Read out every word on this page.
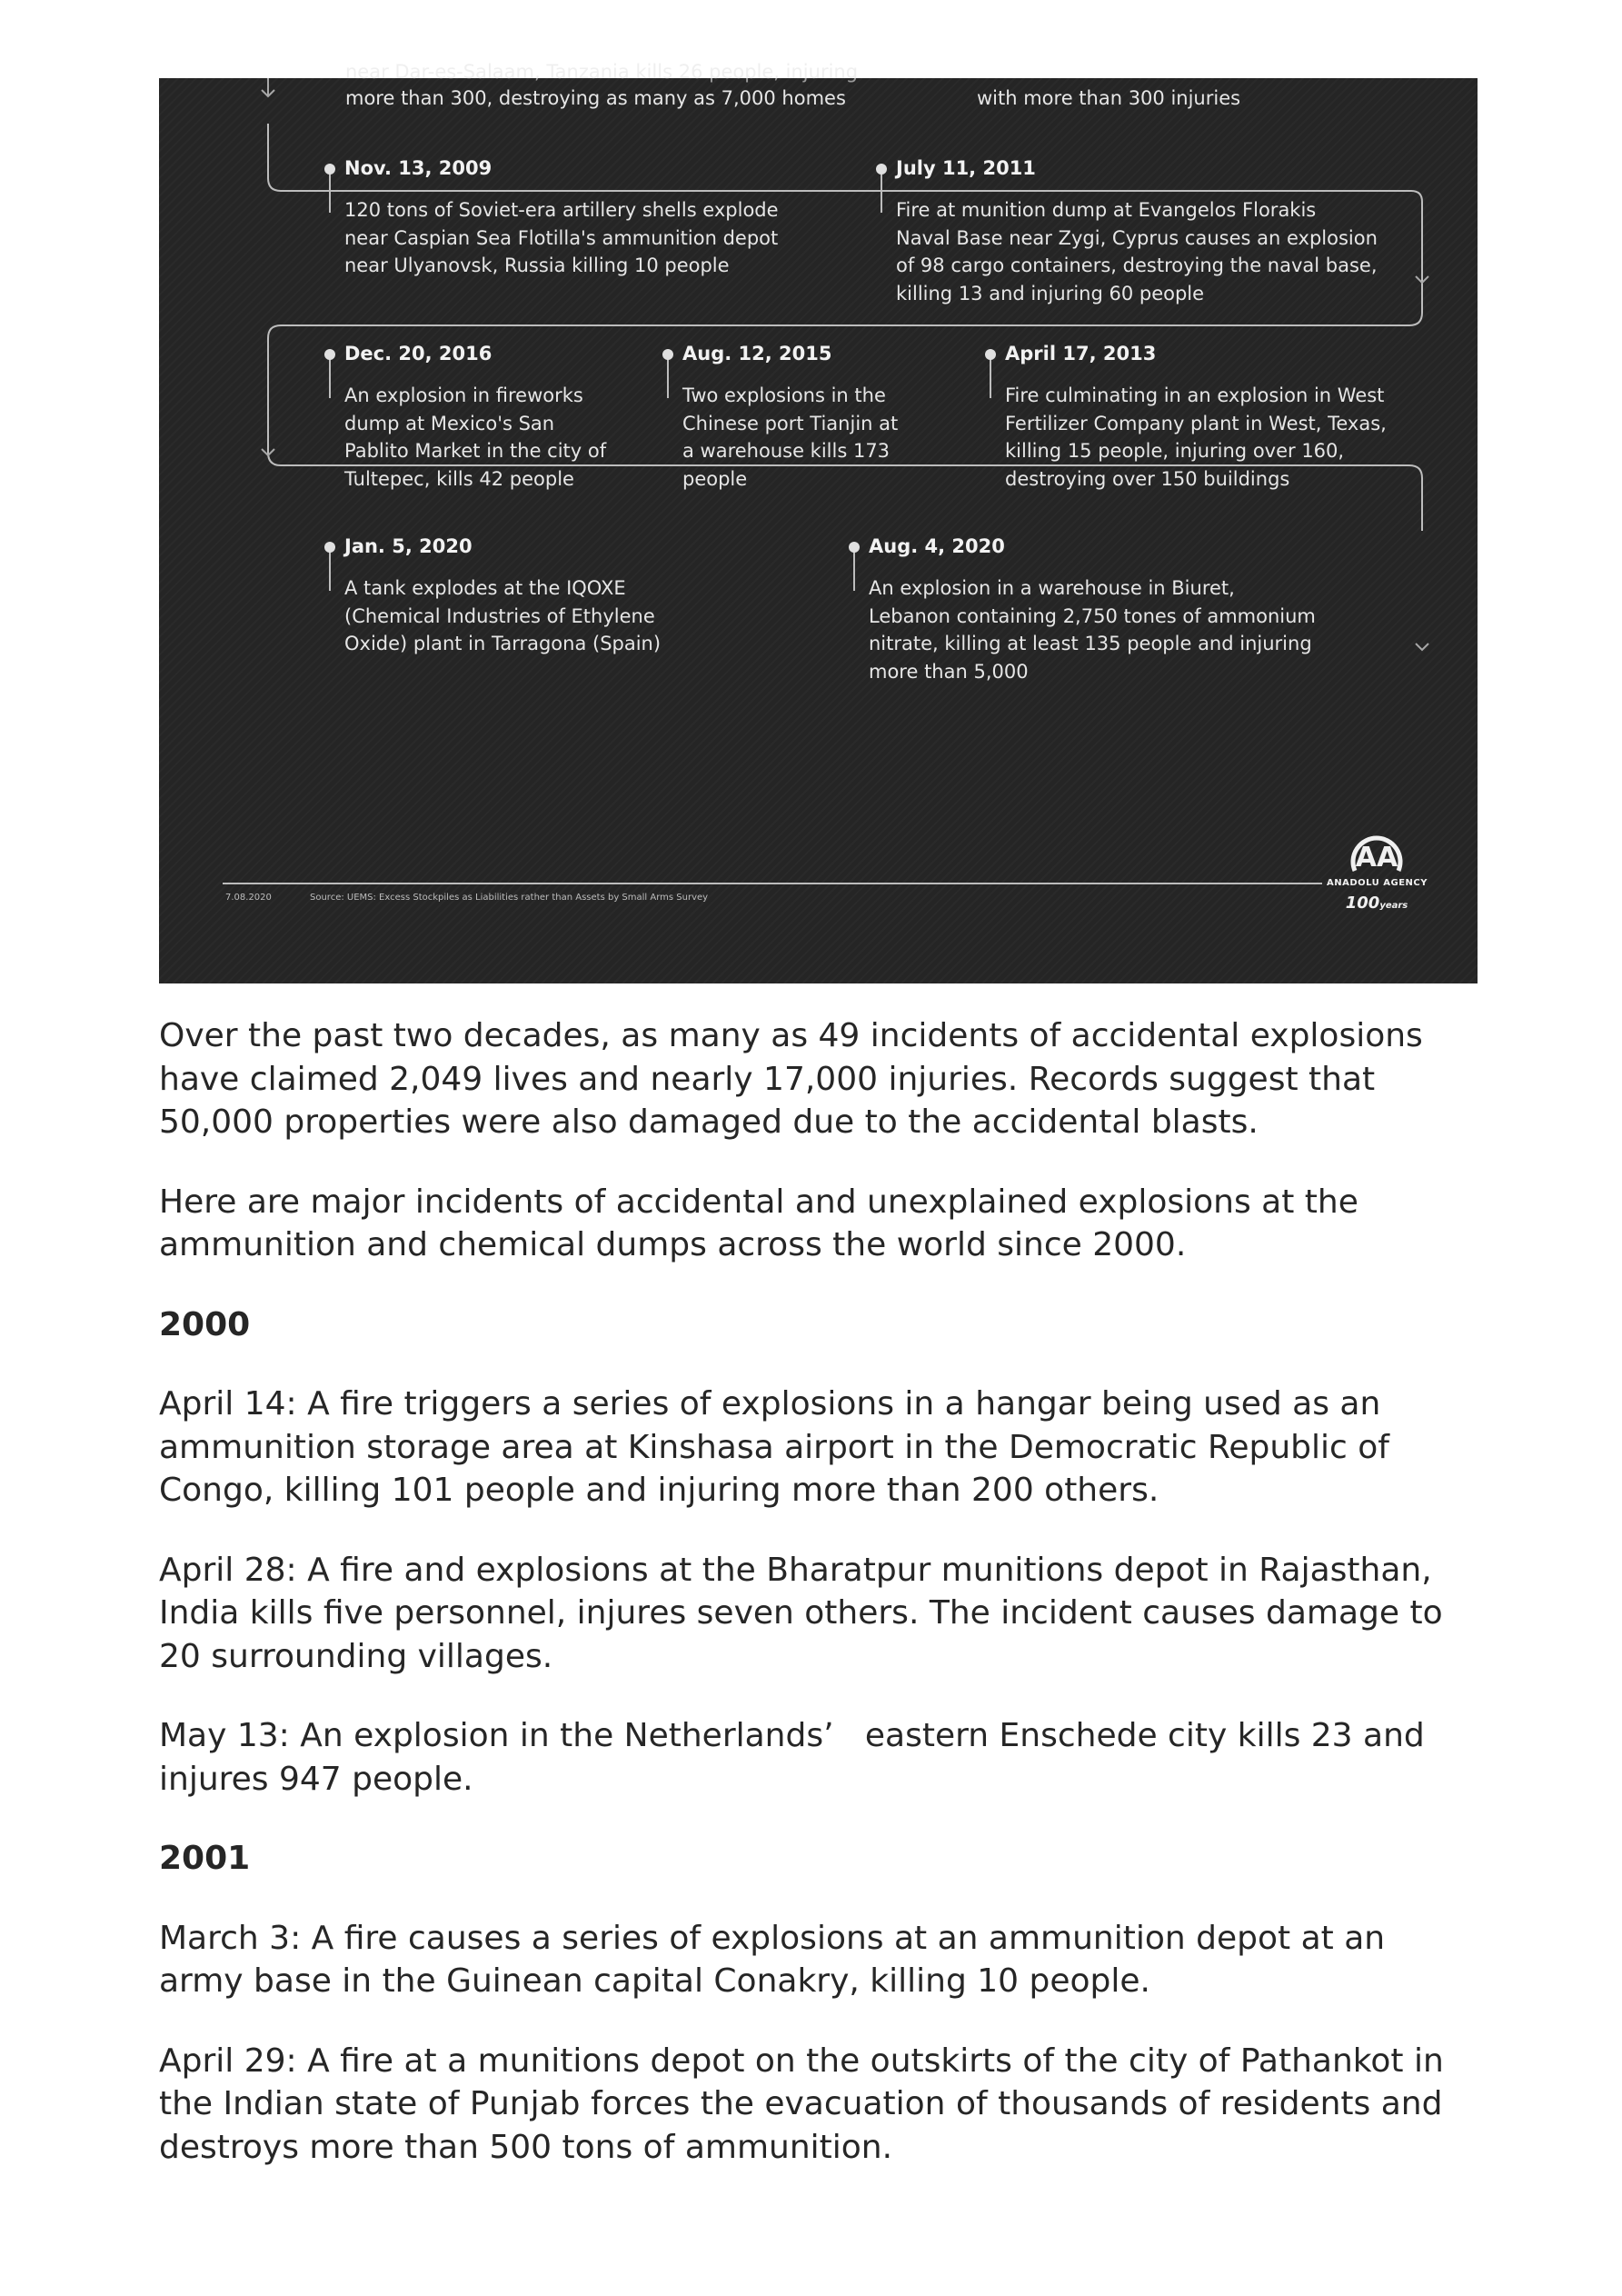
near Dar-es-Salaam, Tanzania kills 26 people, injuring
more than 300, destroying as many as 7,000 homes	with more than 300 injuries
Nov. 13, 2009
120 tons of Soviet-era artillery shells explode
near Caspian Sea Flotilla's ammunition depot
near Ulyanovsk, Russia killing 10 people
July 11, 2011
Fire at munition dump at Evangelos Florakis
Naval Base near Zygi, Cyprus causes an explosion
of 98 cargo containers, destroying the naval base,
killing 13 and injuring 60 people
Dec. 20, 2016
An explosion in fireworks
dump at Mexico's San
Pablito Market in the city of
Tultepec, kills 42 people
Aug. 12, 2015
Two explosions in the
Chinese port Tianjin at
a warehouse kills 173
people
April 17, 2013
Fire culminating in an explosion in West
Fertilizer Company plant in West, Texas,
killing 15 people, injuring over 160,
destroying over 150 buildings
Jan. 5, 2020
A tank explodes at the IQOXE
(Chemical Industries of Ethylene
Oxide) plant in Tarragona (Spain)
Aug. 4, 2020
An explosion in a warehouse in Biuret,
Lebanon containing 2,750 tones of ammonium
nitrate, killing at least 135 people and injuring
more than 5,000
7.08.2020	Source: UEMS: Excess Stockpiles as Liabilities rather than Assets by Small Arms Survey
AA
ANADOLU AGENCY
100years

Over the past two decades, as many as 49 incidents of accidental explosions have claimed 2,049 lives and nearly 17,000 injuries. Records suggest that 50,000 properties were also damaged due to the accidental blasts.

Here are major incidents of accidental and unexplained explosions at the ammunition and chemical dumps across the world since 2000.

2000

April 14: A fire triggers a series of explosions in a hangar being used as an ammunition storage area at Kinshasa airport in the Democratic Republic of Congo, killing 101 people and injuring more than 200 others.

April 28: A fire and explosions at the Bharatpur munitions depot in Rajasthan, India kills five personnel, injures seven others. The incident causes damage to 20 surrounding villages.

May 13: An explosion in the Netherlands’   eastern Enschede city kills 23 and injures 947 people.

2001

March 3: A fire causes a series of explosions at an ammunition depot at an army base in the Guinean capital Conakry, killing 10 people.

April 29: A fire at a munitions depot on the outskirts of the city of Pathankot in the Indian state of Punjab forces the evacuation of thousands of residents and destroys more than 500 tons of ammunition.
